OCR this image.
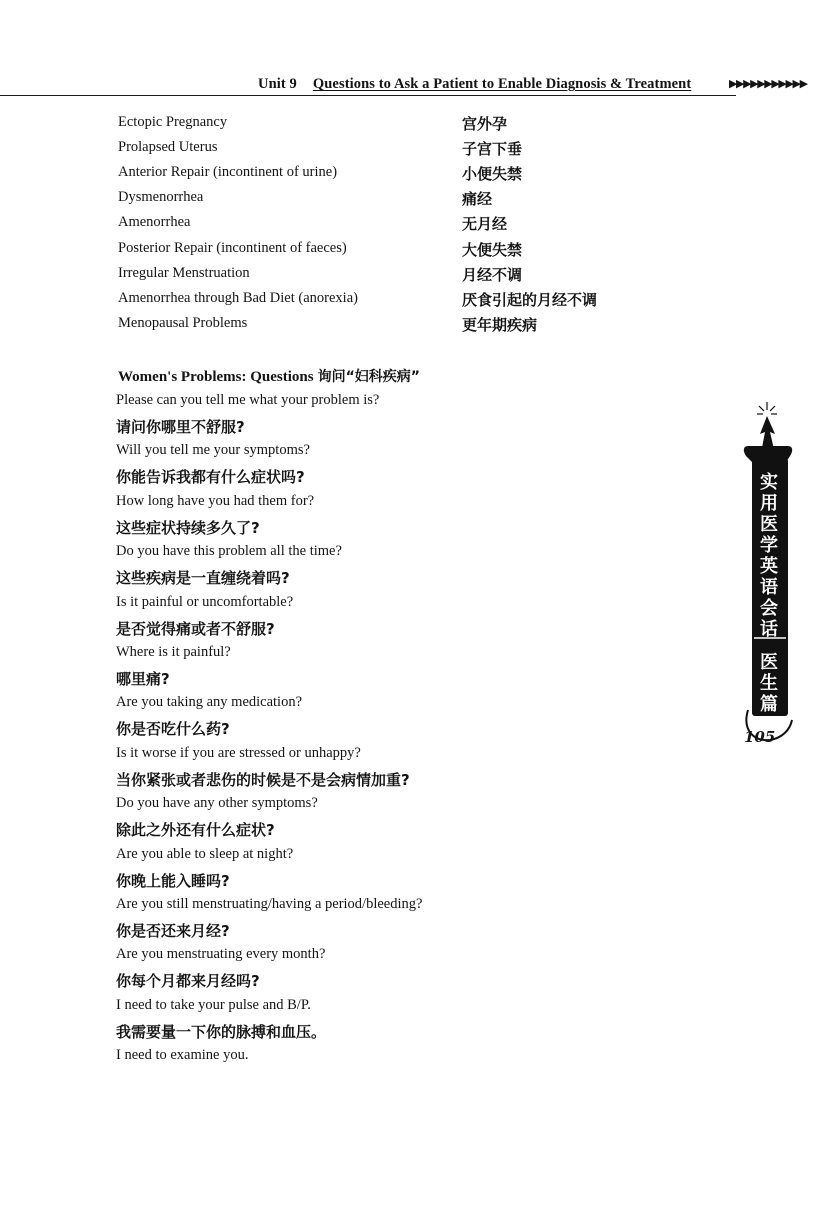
Unit 9 Questions to Ask a Patient to Enable Diagnosis & Treatment	▶▶▶▶▶▶▶▶▶▶▶
Ectopic Pregnancy	宫外孕
Prolapsed Uterus	子宫下垂
Anterior Repair (incontinent of urine)	小便失禁
Dysmenorrhea	痛经
Amenorrhea	无月经
Posterior Repair (incontinent of faeces)	大便失禁
Irregular Menstruation	月经不调
Amenorrhea through Bad Diet (anorexia)	厌食引起的月经不调
Menopausal Problems	更年期疾病
Women's Problems: Questions 询问“妇科疾病”
Please can you tell me what your problem is?
请问你哪里不舒服?
Will you tell me your symptoms?
你能告诉我都有什么症状吗?
How long have you had them for?
这些症状持续多久了?
Do you have this problem all the time?
这些疾病是一直缠绕着吗?
Is it painful or uncomfortable?
是否觉得痛或者不舒服?
Where is it painful?
哪里痛?
Are you taking any medication?
你是否吃什么药?
Is it worse if you are stressed or unhappy?
当你紧张或者悲伤的时候是不是会病情加重?
Do you have any other symptoms?
除此之外还有什么症状?
Are you able to sleep at night?
你晚上能入睡吗?
Are you still menstruating/having a period/bleeding?
你是否还来月经?
Are you menstruating every month?
你每个月都来月经吗?
I need to take your pulse and B/P.
我需要量一下你的脉搏和血压。
I need to examine you.
实
用
医
学
英
语
会
话
医
生
篇
105
